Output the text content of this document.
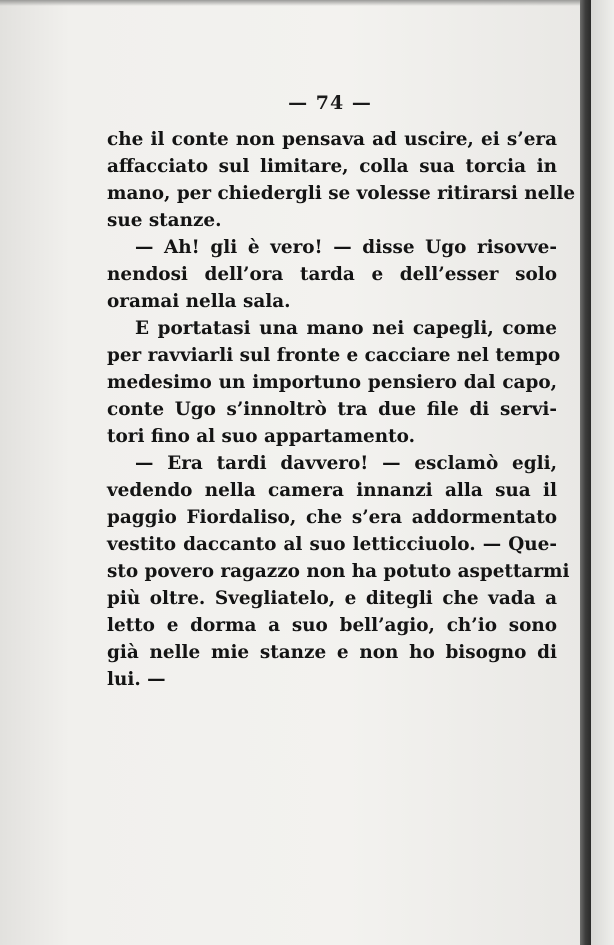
— 74 —

che il conte non pensava ad uscire, ei s’era
affacciato sul limitare, colla sua torcia in
mano, per chiedergli se volesse ritirarsi nelle
sue stanze.
— Ah! gli è vero! — disse Ugo risovve-
nendosi dell’ora tarda e dell’esser solo
oramai nella sala.
E portatasi una mano nei capegli, come
per ravviarli sul fronte e cacciare nel tempo
medesimo un importuno pensiero dal capo,
conte Ugo s’innoltrò tra due file di servi-
tori fino al suo appartamento.
— Era tardi davvero! — esclamò egli,
vedendo nella camera innanzi alla sua il
paggio Fiordaliso, che s’era addormentato
vestito daccanto al suo letticciuolo. — Que-
sto povero ragazzo non ha potuto aspettarmi
più oltre. Svegliatelo, e ditegli che vada a
letto e dorma a suo bell’agio, ch’io sono
già nelle mie stanze e non ho bisogno di
lui. —
